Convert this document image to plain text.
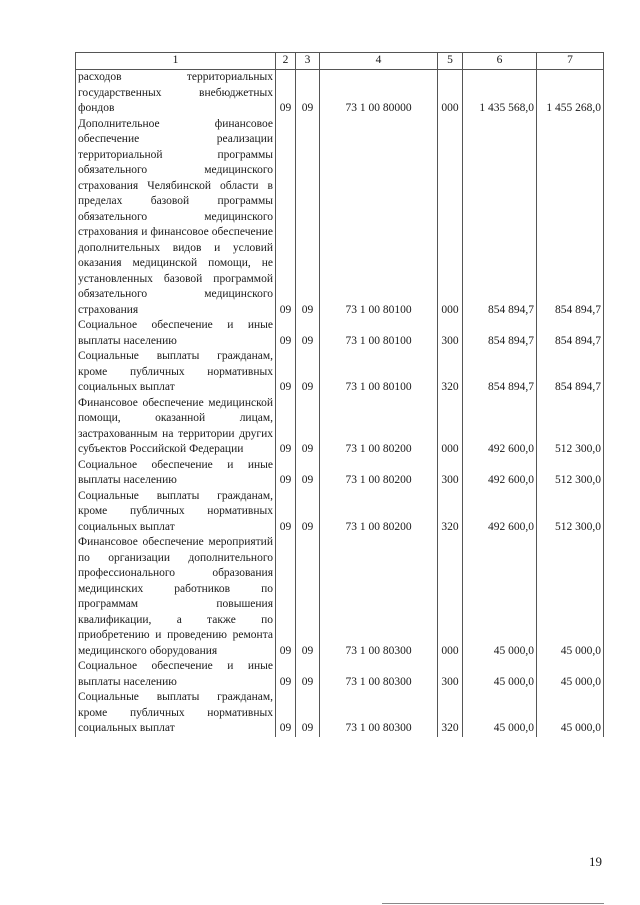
1	2	3	4	5	6	7
расходов территориальных государственных внебюджетных фондов	09	09	73 1 00 80000	000	1 435 568,0	1 455 268,0
Дополнительное финансовое обеспечение реализации территориальной программы обязательного медицинского страхования Челябинской области в пределах базовой программы обязательного медицинского страхования и финансовое обеспечение дополнительных видов и условий оказания медицинской помощи, не установленных базовой программой обязательного медицинского страхования	09	09	73 1 00 80100	000	854 894,7	854 894,7
Социальное обеспечение и иные выплаты населению	09	09	73 1 00 80100	300	854 894,7	854 894,7
Социальные выплаты гражданам, кроме публичных нормативных социальных выплат	09	09	73 1 00 80100	320	854 894,7	854 894,7
Финансовое обеспечение медицинской помощи, оказанной лицам, застрахованным на территории других субъектов Российской Федерации	09	09	73 1 00 80200	000	492 600,0	512 300,0
Социальное обеспечение и иные выплаты населению	09	09	73 1 00 80200	300	492 600,0	512 300,0
Социальные выплаты гражданам, кроме публичных нормативных социальных выплат	09	09	73 1 00 80200	320	492 600,0	512 300,0
Финансовое обеспечение мероприятий по организации дополнительного профессионального образования медицинских работников по программам повышения квалификации, а также по приобретению и проведению ремонта медицинского оборудования	09	09	73 1 00 80300	000	45 000,0	45 000,0
Социальное обеспечение и иные выплаты населению	09	09	73 1 00 80300	300	45 000,0	45 000,0
Социальные выплаты гражданам, кроме публичных нормативных социальных выплат	09	09	73 1 00 80300	320	45 000,0	45 000,0
19
